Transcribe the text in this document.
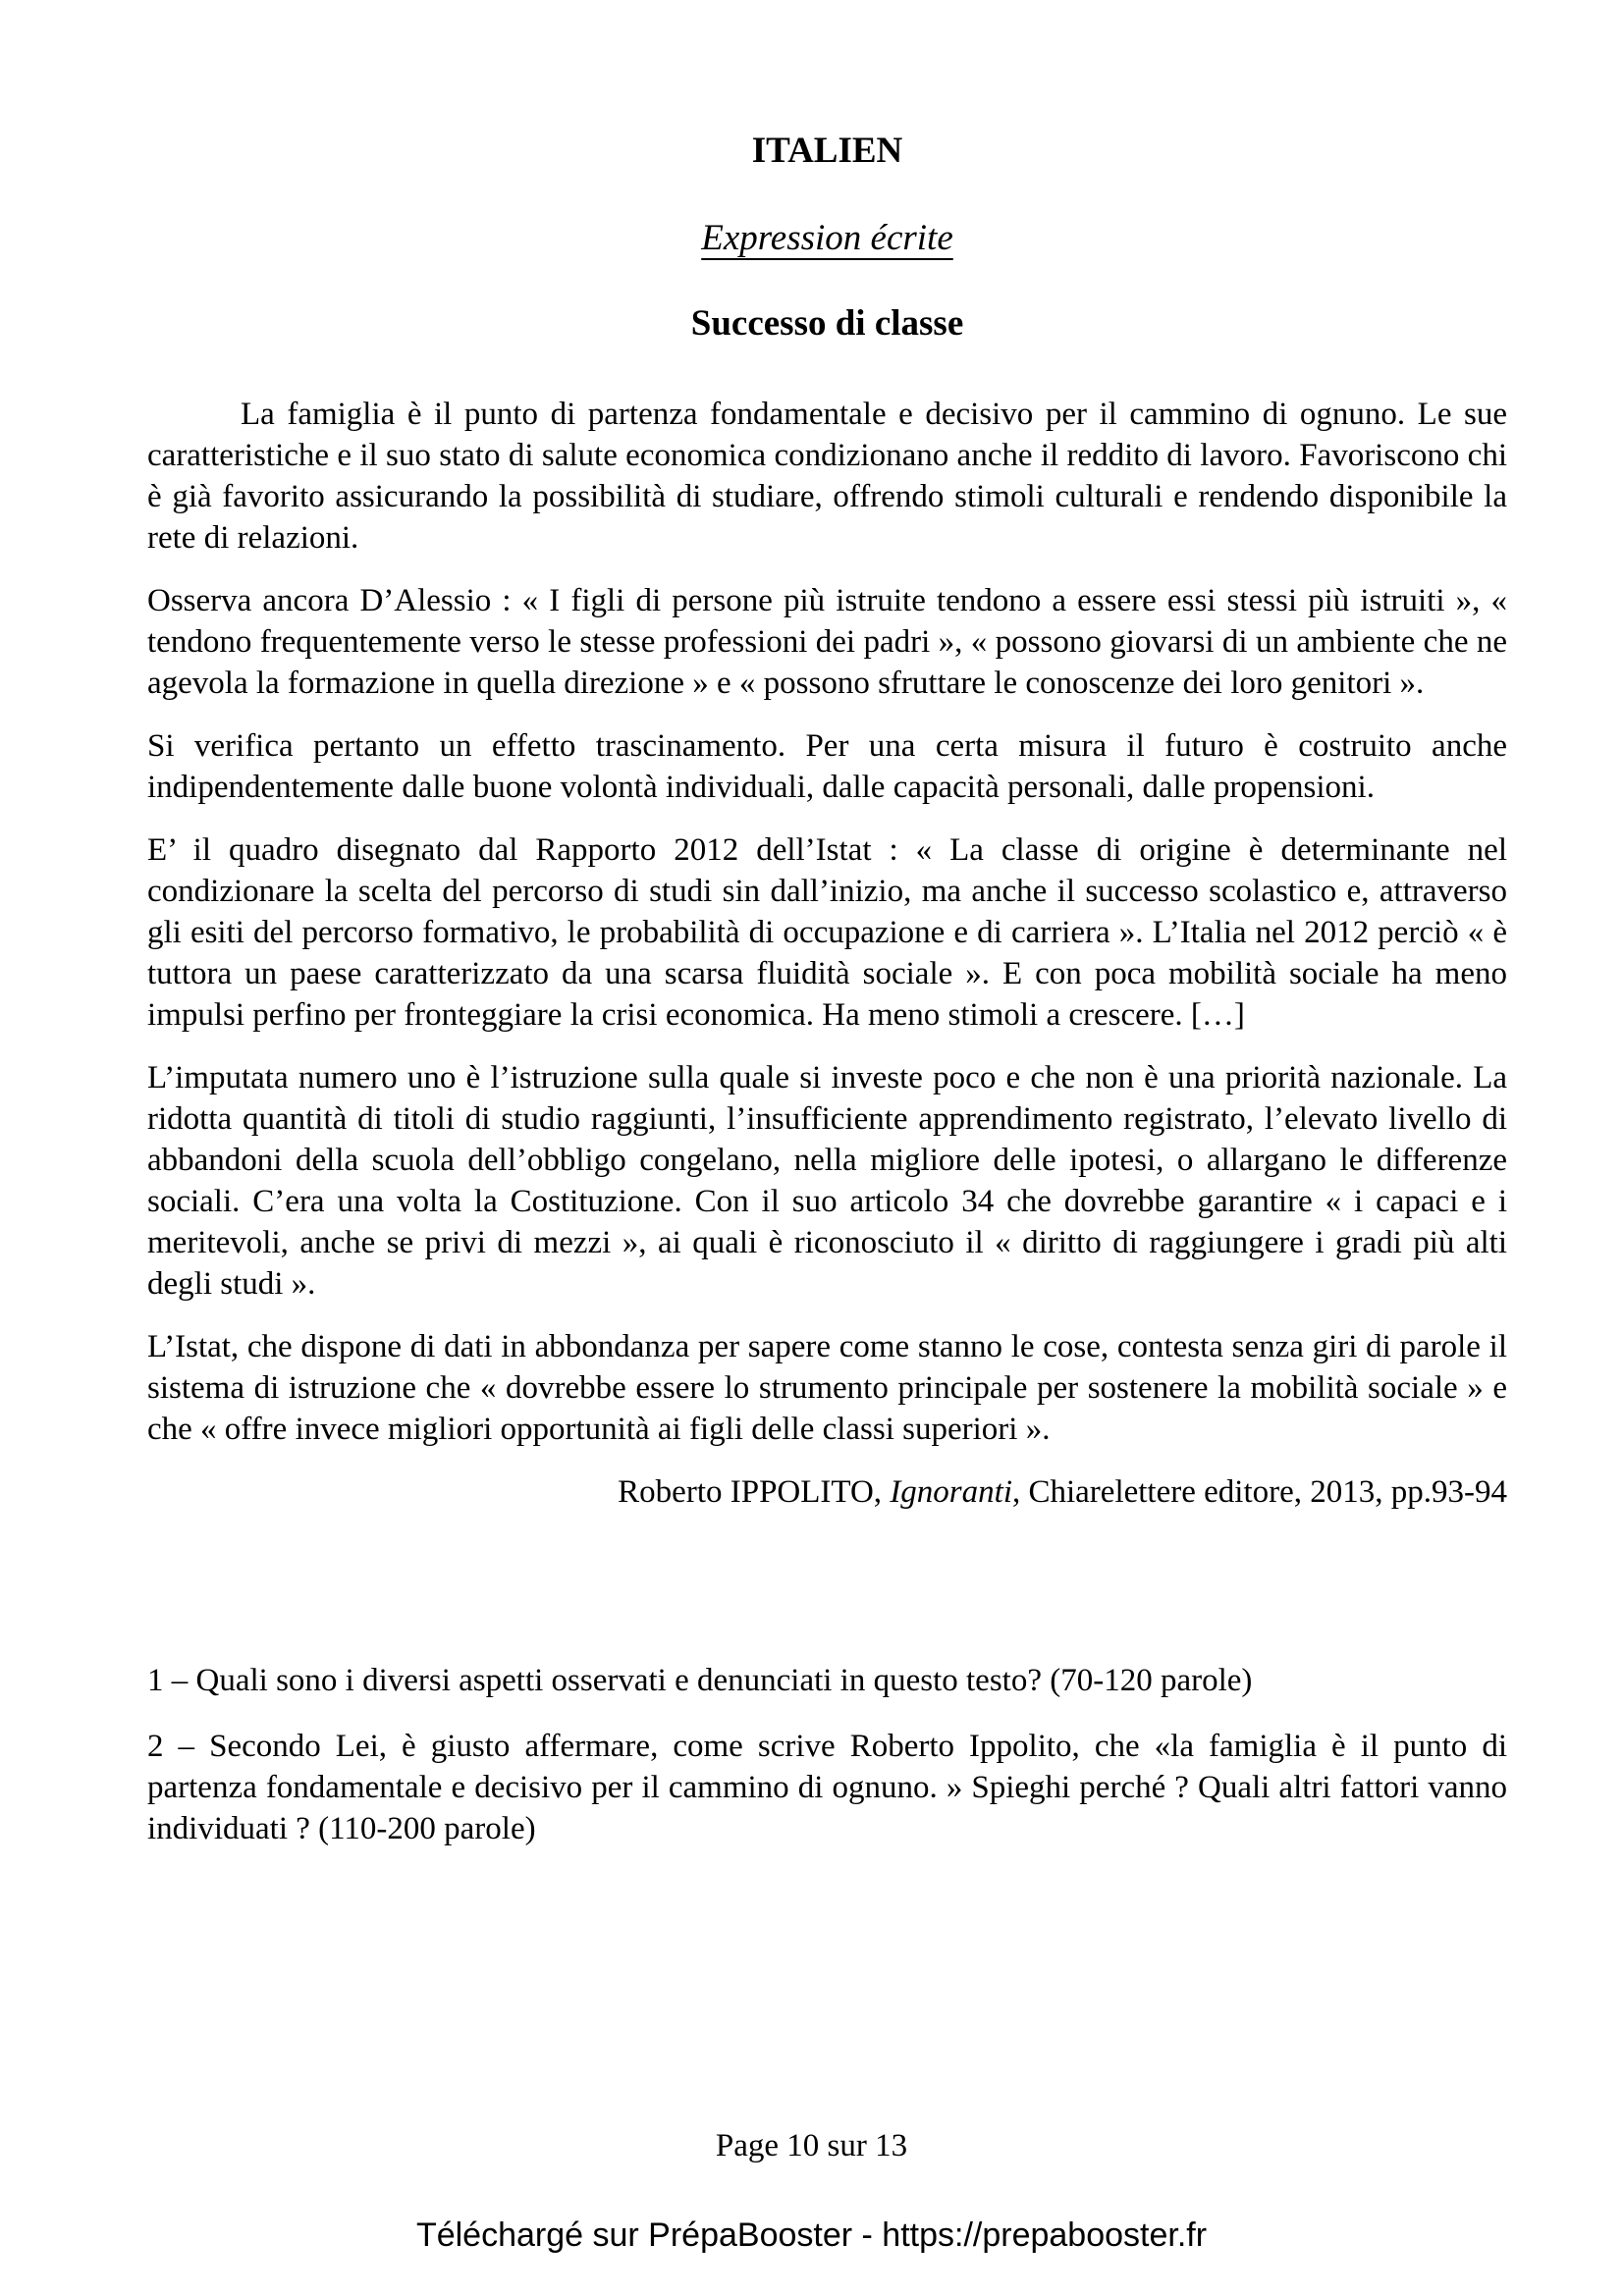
ITALIEN
Expression écrite
Successo di classe

La famiglia è il punto di partenza fondamentale e decisivo per il cammino di ognuno. Le sue caratteristiche e il suo stato di salute economica condizionano anche il reddito di lavoro. Favoriscono chi è già favorito assicurando la possibilità di studiare, offrendo stimoli culturali e rendendo disponibile la rete di relazioni.

Osserva ancora D’Alessio : « I figli di persone più istruite tendono a essere essi stessi più istruiti », « tendono frequentemente verso le stesse professioni dei padri », « possono giovarsi di un ambiente che ne agevola la formazione in quella direzione » e « possono sfruttare le conoscenze dei loro genitori ».

Si verifica pertanto un effetto trascinamento. Per una certa misura il futuro è costruito anche indipendentemente dalle buone volontà individuali, dalle capacità personali, dalle propensioni.

E’ il quadro disegnato dal Rapporto 2012 dell’Istat : « La classe di origine è determinante nel condizionare la scelta del percorso di studi sin dall’inizio, ma anche il successo scolastico e, attraverso gli esiti del percorso formativo, le probabilità di occupazione e di carriera ». L’Italia nel 2012 perciò « è tuttora un paese caratterizzato da una scarsa fluidità sociale ». E con poca mobilità sociale ha meno impulsi perfino per fronteggiare la crisi economica. Ha meno stimoli a crescere. […]

L’imputata numero uno è l’istruzione sulla quale si investe poco e che non è una priorità nazionale. La ridotta quantità di titoli di studio raggiunti, l’insufficiente apprendimento registrato, l’elevato livello di abbandoni della scuola dell’obbligo congelano, nella migliore delle ipotesi, o allargano le differenze sociali. C’era una volta la Costituzione. Con il suo articolo 34 che dovrebbe garantire « i capaci e i meritevoli, anche se privi di mezzi », ai quali è riconosciuto il « diritto di raggiungere i gradi più alti degli studi ».

L’Istat, che dispone di dati in abbondanza per sapere come stanno le cose, contesta senza giri di parole il sistema di istruzione che « dovrebbe essere lo strumento principale per sostenere la mobilità sociale » e che « offre invece migliori opportunità ai figli delle classi superiori ».

Roberto IPPOLITO, Ignoranti, Chiarelettere editore, 2013, pp.93-94

1 – Quali sono i diversi aspetti osservati e denunciati in questo testo? (70-120 parole)

2 – Secondo Lei, è giusto affermare, come scrive Roberto Ippolito, che «la famiglia è il punto di partenza fondamentale e decisivo per il cammino di ognuno. » Spieghi perché ? Quali altri fattori vanno individuati ? (110-200 parole)

Page 10 sur 13
Téléchargé sur PrépaBooster - https://prepabooster.fr
